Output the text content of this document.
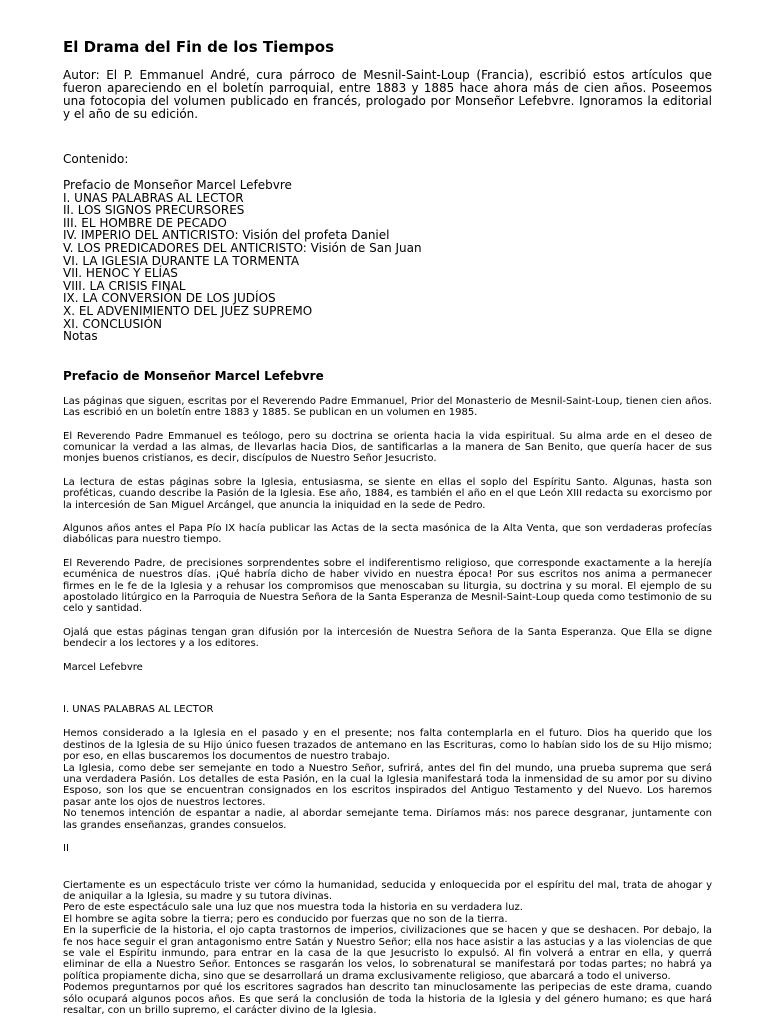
El Drama del Fin de los Tiempos

Autor: El P. Emmanuel André, cura párroco de Mesnil-Saint-Loup (Francia), escribió estos artículos que fueron apareciendo en el boletín parroquial, entre 1883 y 1885 hace ahora más de cien años. Poseemos una fotocopia del volumen publicado en francés, prologado por Monseñor Lefebvre. Ignoramos la editorial y el año de su edición.

Contenido:

Prefacio de Monseñor Marcel Lefebvre
I. UNAS PALABRAS AL LECTOR
II. LOS SIGNOS PRECURSORES
III. EL HOMBRE DE PECADO
IV. IMPERIO DEL ANTICRISTO: Visión del profeta Daniel
V. LOS PREDICADORES DEL ANTICRISTO: Visión de San Juan
VI. LA IGLESIA DURANTE LA TORMENTA
VII. HENOC Y ELÍAS
VIII. LA CRISIS FINAL
IX. LA CONVERSIÓN DE LOS JUDÍOS
X. EL ADVENIMIENTO DEL JUEZ SUPREMO
XI. CONCLUSIÓN
Notas
Prefacio de Monseñor Marcel Lefebvre

Las páginas que siguen, escritas por el Reverendo Padre Emmanuel, Prior del Monasterio de Mesnil-Saint-Loup, tienen cien años. Las escribió en un boletín entre 1883 y 1885. Se publican en un volumen en 1985.

El Reverendo Padre Emmanuel es teólogo, pero su doctrina se orienta hacia la vida espiritual. Su alma arde en el deseo de comunicar la verdad a las almas, de llevarlas hacia Dios, de santificarlas a la manera de San Benito, que quería hacer de sus monjes buenos cristianos, es decir, discípulos de Nuestro Señor Jesucristo.

La lectura de estas páginas sobre la Iglesia, entusiasma, se siente en ellas el soplo del Espíritu Santo. Algunas, hasta son proféticas, cuando describe la Pasión de la Iglesia. Ese año, 1884, es también el año en el que León XIII redacta su exorcismo por la intercesión de San Miguel Arcángel, que anuncia la iniquidad en la sede de Pedro.

Algunos años antes el Papa Pío IX hacía publicar las Actas de la secta masónica de la Alta Venta, que son verdaderas profecías diabólicas para nuestro tiempo.

El Reverendo Padre, de precisiones sorprendentes sobre el indiferentismo religioso, que corresponde exactamente a la herejía ecuménica de nuestros días. ¡Qué habría dicho de haber vivido en nuestra época! Por sus escritos nos anima a permanecer firmes en le fe de la Iglesia y a rehusar los compromisos que menoscaban su liturgia, su doctrina y su moral. El ejemplo de su apostolado litúrgico en la Parroquia de Nuestra Señora de la Santa Esperanza de Mesnil-Saint-Loup queda como testimonio de su celo y santidad.

Ojalá que estas páginas tengan gran difusión por la intercesión de Nuestra Señora de la Santa Esperanza. Que Ella se digne bendecir a los lectores y a los editores.

Marcel Lefebvre

I. UNAS PALABRAS AL LECTOR

Hemos considerado a la Iglesia en el pasado y en el presente; nos falta contemplarla en el futuro. Dios ha querido que los destinos de la Iglesia de su Hijo único fuesen trazados de antemano en las Escrituras, como lo habían sido los de su Hijo mismo; por eso, en ellas buscaremos los documentos de nuestro trabajo.

La Iglesia, como debe ser semejante en todo a Nuestro Señor, sufrirá, antes del fin del mundo, una prueba suprema que será una verdadera Pasión. Los detalles de esta Pasión, en la cual la Iglesia manifestará toda la inmensidad de su amor por su divino Esposo, son los que se encuentran consignados en los escritos inspirados del Antiguo Testamento y del Nuevo. Los haremos pasar ante los ojos de nuestros lectores.

No tenemos intención de espantar a nadie, al abordar semejante tema. Diríamos más: nos parece desgranar, juntamente con las grandes enseñanzas, grandes consuelos.

II

Ciertamente es un espectáculo triste ver cómo la humanidad, seducida y enloquecida por el espíritu del mal, trata de ahogar y de aniquilar a la Iglesia, su madre y su tutora divinas.

Pero de este espectáculo sale una luz que nos muestra toda la historia en su verdadera luz.

El hombre se agita sobre la tierra; pero es conducido por fuerzas que no son de la tierra.

En la superficie de la historia, el ojo capta trastornos de imperios, civilizaciones que se hacen y que se deshacen. Por debajo, la fe nos hace seguir el gran antagonismo entre Satán y Nuestro Señor; ella nos hace asistir a las astucias y a las violencias de que se vale el Espíritu inmundo, para entrar en la casa de la que Jesucristo lo expulsó. Al fin volverá a entrar en ella, y querrá eliminar de ella a Nuestro Señor. Entonces se rasgarán los velos, lo sobrenatural se manifestará por todas partes; no habrá ya política propiamente dicha, sino que se desarrollará un drama exclusivamente religioso, que abarcará a todo el universo.

Podemos preguntarnos por qué los escritores sagrados han descrito tan minuclosamente las peripecias de este drama, cuando sólo ocupará algunos pocos años. Es que será la conclusión de toda la historia de la Iglesia y del género humano; es que hará resaltar, con un brillo supremo, el carácter divino de la Iglesia.
